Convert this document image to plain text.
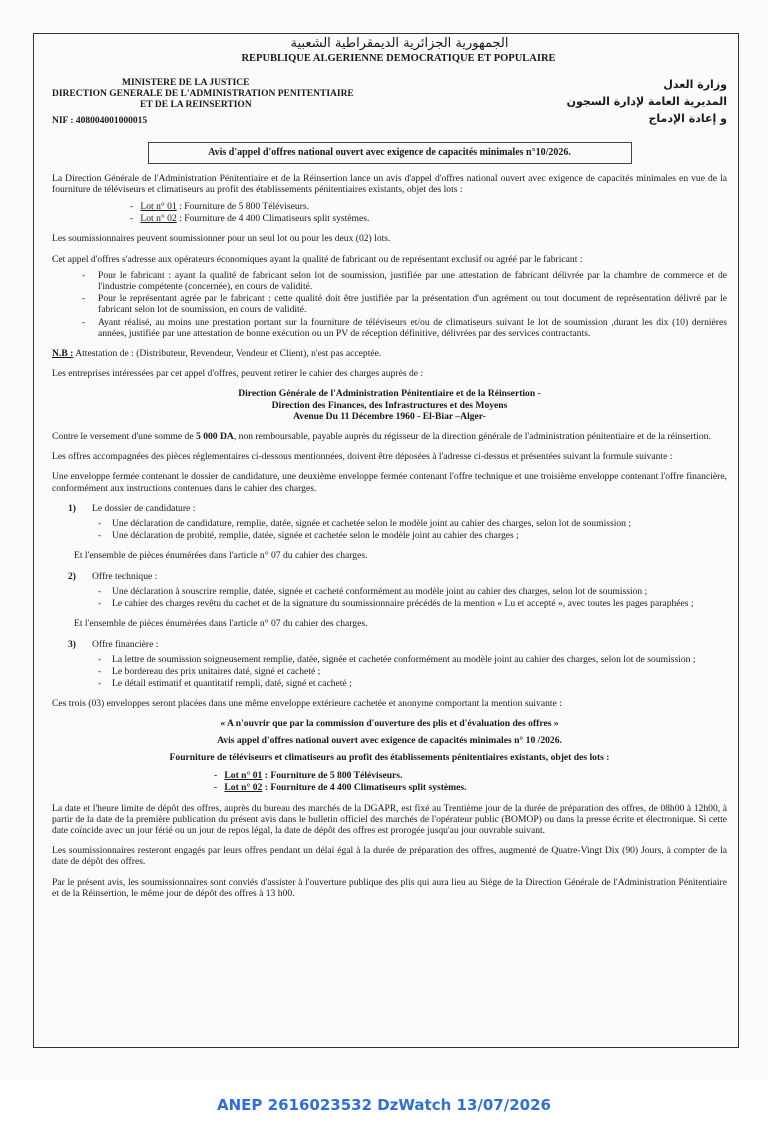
الجمهورية الجزائرية الديمقراطية الشعبية
REPUBLIQUE ALGERIENNE DEMOCRATIQUE ET POPULAIRE
MINISTERE DE LA JUSTICE
DIRECTION GENERALE DE L'ADMINISTRATION PENITENTIAIRE
ET DE LA REINSERTION
NIF : 408004001000015
وزارة العدل
المديرية العامة لإدارة السجون
و إعادة الإدماج
Avis d'appel d'offres national ouvert avec exigence de capacités minimales n°10/2026.

La Direction Générale de l'Administration Pénitentiaire et de la Réinsertion lance un avis d'appel d'offres national ouvert avec exigence de capacités minimales en vue de la fourniture de téléviseurs et climatiseurs au profit des établissements pénitentiaires existants, objet des lots :

-   Lot n° 01 : Fourniture de 5 800 Téléviseurs.
-   Lot n° 02 : Fourniture de 4 400 Climatiseurs split systèmes.

Les soumissionnaires peuvent soumissionner pour un seul lot ou pour les deux (02) lots.

Cet appel d'offres s'adresse aux opérateurs économiques ayant la qualité de fabricant ou de représentant exclusif ou agréé par le fabricant :

- Pour le fabricant : ayant la qualité de fabricant selon lot de soumission, justifiée par une attestation de fabricant délivrée par la chambre de commerce et de l'industrie compétente (concernée), en cours de validité.
- Pour le représentant agrée par le fabricant : cette qualité doit être justifiée par la présentation d'un agrément ou tout document de représentation délivré par le fabricant selon lot de soumission, en cours de validité.
- Ayant réalisé, au moins une prestation portant sur la fourniture de téléviseurs et/ou de climatiseurs suivant le lot de soumission ,durant les dix (10) dernières années, justifiée par une attestation de bonne exécution ou un PV de réception définitive, délivrées par des services contractants.

N.B : Attestation de : (Distributeur, Revendeur, Vendeur et Client), n'est pas acceptée.

Les entreprises intéressées par cet appel d'offres, peuvent retirer le cahier des charges auprès de :

Direction Générale de l'Administration Pénitentiaire et de la Réinsertion -
Direction des Finances, des Infrastructures et des Moyens
Avenue Du 11 Décembre 1960 - El-Biar –Alger-

Contre le versement d'une somme de 5 000 DA, non remboursable, payable auprès du régisseur de la direction générale de l'administration pénitentiaire et de la réinsertion.

Les offres accompagnées des pièces réglementaires ci-dessous mentionnées, doivent être déposées à l'adresse ci-dessus et présentées suivant la formule suivante :

Une enveloppe fermée contenant le dossier de candidature, une deuxième enveloppe fermée contenant l'offre technique et une troisième enveloppe contenant l'offre financière, conformément aux instructions contenues dans le cahier des charges.

1) Le dossier de candidature :
- Une déclaration de candidature, remplie, datée, signée et cachetée selon le modèle joint au cahier des charges, selon lot de soumission ;
- Une déclaration de probité, remplie, datée, signée et cachetée selon le modèle joint au cahier des charges ;
Et l'ensemble de pièces énumérées dans l'article n° 07 du cahier des charges.
2) Offre technique :
- Une déclaration à souscrire remplie, datée, signée et cacheté conformément au modèle joint au cahier des charges, selon lot de soumission ;
- Le cahier des charges revêtu du cachet et de la signature du soumissionnaire précédés de la mention « Lu et accepté », avec toutes les pages paraphées ;
Et l'ensemble de pièces énumérées dans l'article n° 07 du cahier des charges.
3) Offre financière :
- La lettre de soumission soigneusement remplie, datée, signée et cachetée conformément au modèle joint au cahier des charges, selon lot de soumission ;
- Le bordereau des prix unitaires daté, signé et cacheté ;
- Le détail estimatif et quantitatif rempli, daté, signé et cacheté ;

Ces trois (03) enveloppes seront placées dans une même enveloppe extérieure cachetée et anonyme comportant la mention suivante :

« A n'ouvrir que par la commission d'ouverture des plis et d'évaluation des offres »
Avis appel d'offres national ouvert avec exigence de capacités minimales n° 10 /2026.
Fourniture de téléviseurs et climatiseurs au profit des établissements pénitentiaires existants, objet des lots :
-   Lot n° 01 : Fourniture de 5 800 Téléviseurs.
-   Lot n° 02 : Fourniture de 4 400 Climatiseurs split systèmes.

La date et l'heure limite de dépôt des offres, auprès du bureau des marchés de la DGAPR, est fixé au Trentième jour de la durée de préparation des offres, de 08h00 à 12h00, à partir de la date de la première publication du présent avis dans le bulletin officiel des marchés de l'opérateur public (BOMOP) ou dans la presse écrite et électronique. Si cette date coïncide avec un jour férié ou un jour de repos légal, la date de dépôt des offres est prorogée jusqu'au jour ouvrable suivant.

Les soumissionnaires resteront engagés par leurs offres pendant un délai égal à la durée de préparation des offres, augmenté de Quatre-Vingt Dix (90) Jours, à compter de la date de dépôt des offres.

Par le présent avis, les soumissionnaires sont conviés d'assister à l'ouverture publique des plis qui aura lieu au Siège de la Direction Générale de l'Administration Pénitentiaire et de la Réinsertion, le même jour de dépôt des offres à 13 h00.

ANEP 2616023532 DzWatch 13/07/2026
